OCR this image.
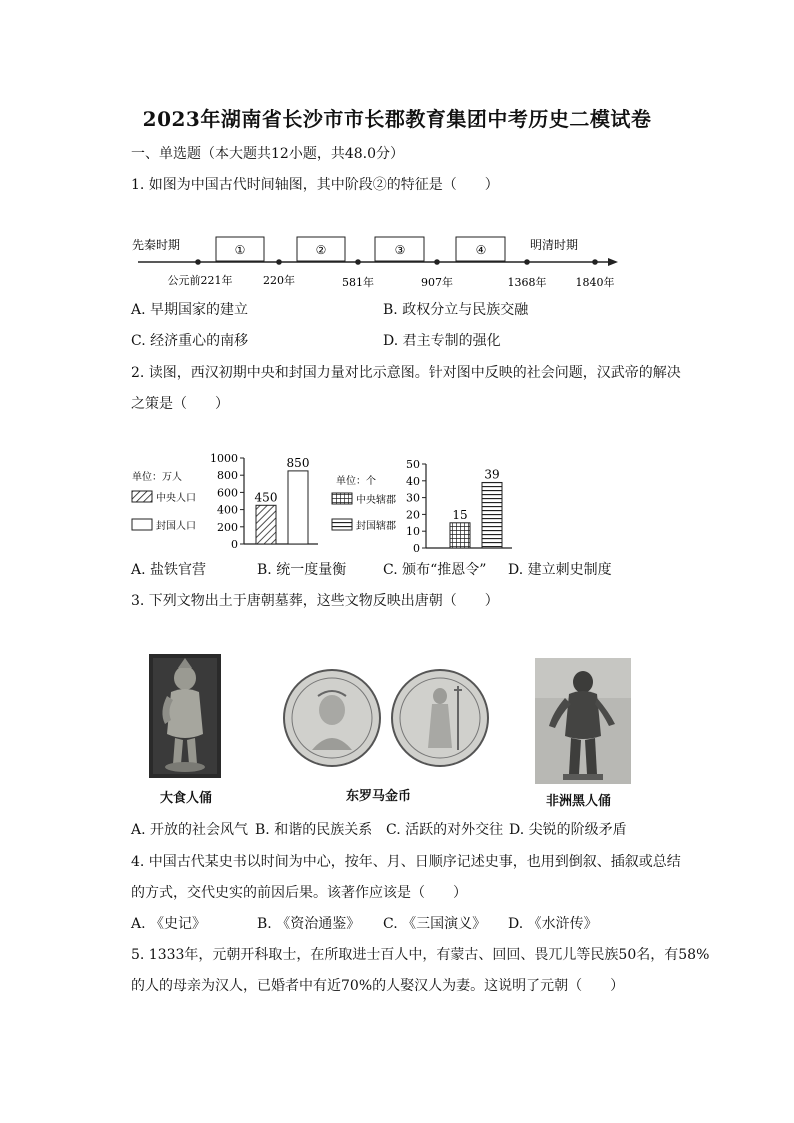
2023年湖南省长沙市市长郡教育集团中考历史二模试卷
一、单选题（本大题共12小题，共48.0分）
1. 如图为中国古代时间轴图，其中阶段②的特征是（　　）
先秦时期	明清时期
①	②	③	④
公元前221年	220年	581年	907年	1368年	1840年
A. 早期国家的建立	B. 政权分立与民族交融
C. 经济重心的南移	D. 君主专制的强化
2. 读图，西汉初期中央和封国力量对比示意图。针对图中反映的社会问题，汉武帝的解决
之策是（　　）
单位：万人
中央人口
封国人口
0
200
400
600
800
1000
450
850
单位：个
中央辖郡
封国辖郡
0
10
20
30
40
50
15
39
A. 盐铁官营	B. 统一度量衡	C. 颁布“推恩令” D. 建立刺史制度
3. 下列文物出土于唐朝墓葬，这些文物反映出唐朝（　　）
大食人俑	东罗马金币	非洲黑人俑
A. 开放的社会风气 B. 和谐的民族关系 C. 活跃的对外交往 D. 尖锐的阶级矛盾
4. 中国古代某史书以时间为中心，按年、月、日顺序记述史事，也用到倒叙、插叙或总结
的方式，交代史实的前因后果。该著作应该是（　　）
A. 《史记》	B. 《资治通鉴》 C. 《三国演义》 D. 《水浒传》
5. 1333年，元朝开科取士，在所取进士百人中，有蒙古、回回、畏兀儿等民族50名，有58%
的人的母亲为汉人，已婚者中有近70%的人娶汉人为妻。这说明了元朝（　　）
